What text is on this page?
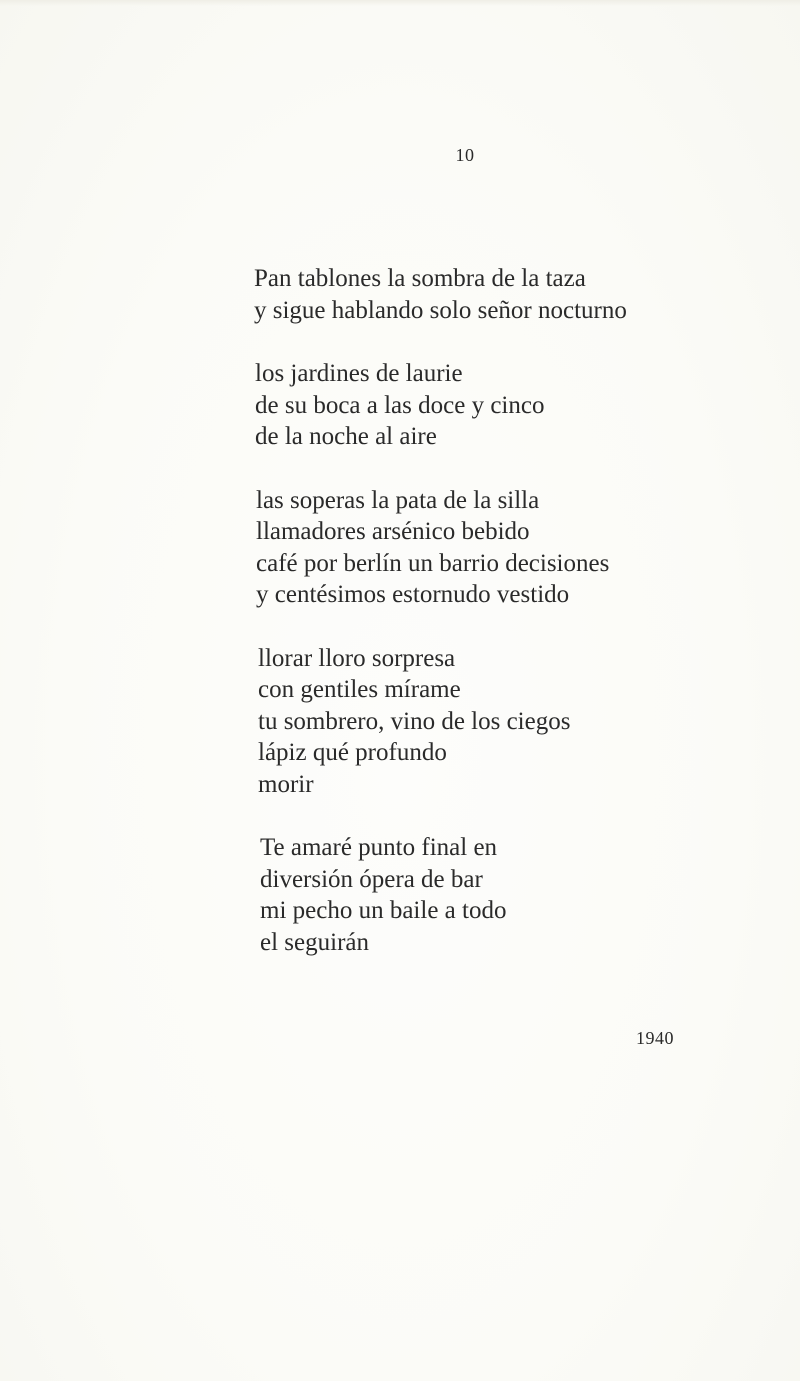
10
Pan tablones la sombra de la taza
y sigue hablando solo señor nocturno
los jardines de laurie
de su boca a las doce y cinco
de la noche al aire
las soperas la pata de la silla
llamadores arsénico bebido
café por berlín un barrio decisiones
y centésimos estornudo vestido
llorar lloro sorpresa
con gentiles mírame
tu sombrero, vino de los ciegos
lápiz qué profundo
morir
Te amaré punto final en
diversión ópera de bar
mi pecho un baile a todo
el seguirán
1940
